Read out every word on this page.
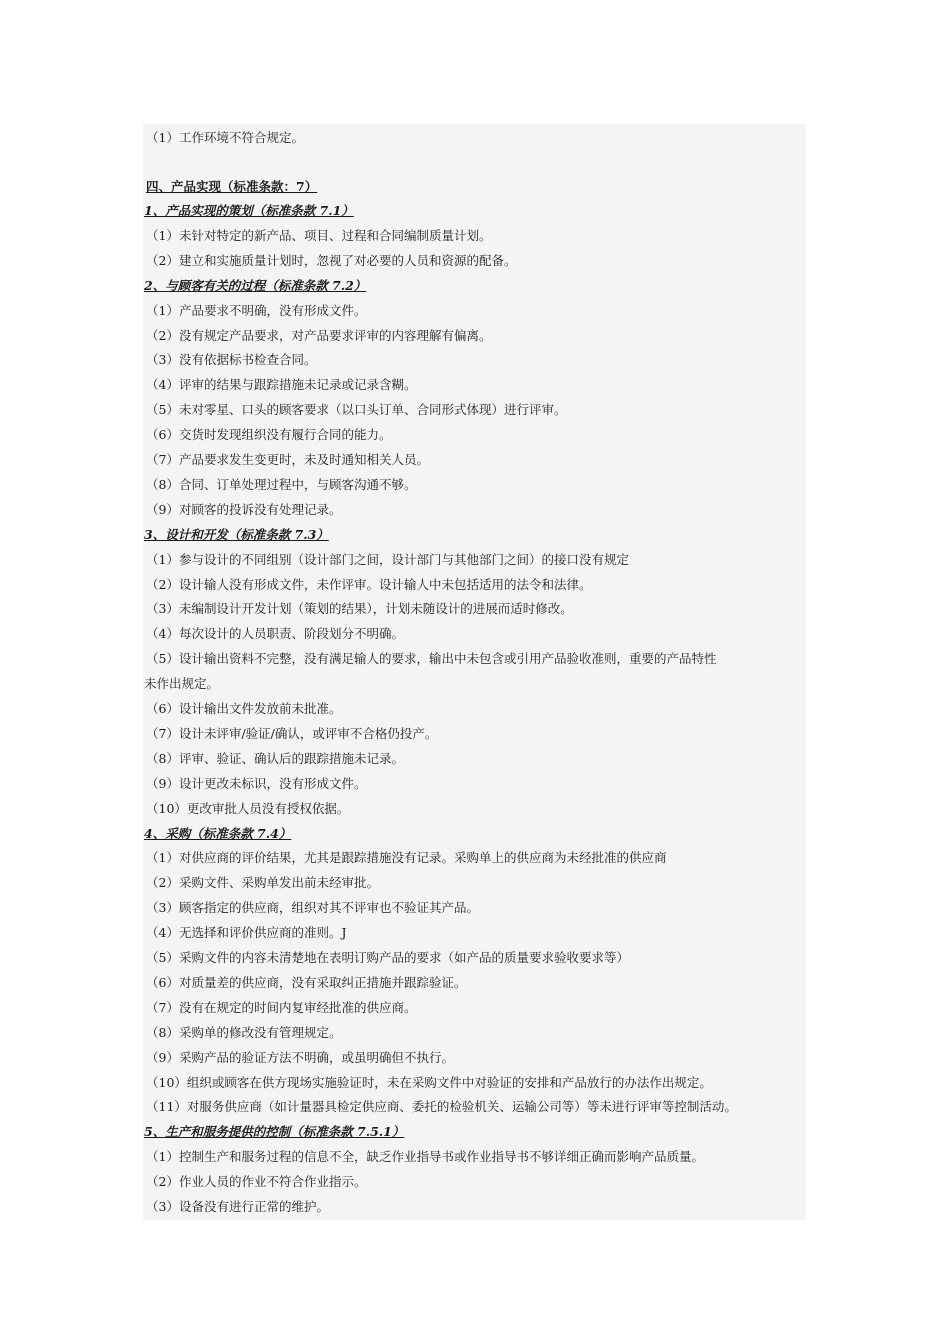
（1）工作环境不符合规定。
四、产品实现（标准条款：7）
1、产品实现的策划（标准条款 7.1）
（1）未针对特定的新产品、项目、过程和合同编制质量计划。
（2）建立和实施质量计划时，忽视了对必要的人员和资源的配备。
2、与顾客有关的过程（标准条款 7.2）
（1）产品要求不明确，没有形成文件。
（2）没有规定产品要求，对产品要求评审的内容理解有偏离。
（3）没有依据标书检查合同。
（4）评审的结果与跟踪措施未记录或记录含糊。
（5）未对零星、口头的顾客要求（以口头订单、合同形式体现）进行评审。
（6）交货时发现组织没有履行合同的能力。
（7）产品要求发生变更时，未及时通知相关人员。
（8）合同、订单处理过程中，与顾客沟通不够。
（9）对顾客的投诉没有处理记录。
3、设计和开发（标准条款 7.3）
（1）参与设计的不同组别（设计部门之间，设计部门与其他部门之间）的接口没有规定
（2）设计输人没有形成文件，未作评审。设计输人中未包括适用的法令和法律。
（3）未编制设计开发计划（策划的结果），计划未随设计的进展而适时修改。
（4）每次设计的人员职责、阶段划分不明确。
（5）设计输出资料不完整，没有满足输人的要求，输出中未包含或引用产品验收准则，重要的产品特性
未作出规定。
（6）设计输出文件发放前未批准。
（7）设计未评审/验证/确认，或评审不合格仍投产。
（8）评审、验证、确认后的跟踪措施未记录。
（9）设计更改未标识，没有形成文件。
（10）更改审批人员没有授权依据。
4、采购（标准条款 7.4）
（1）对供应商的评价结果，尤其是跟踪措施没有记录。采购单上的供应商为未经批准的供应商
（2）采购文件、采购单发出前未经审批。
（3）顾客指定的供应商，组织对其不评审也不验证其产品。
（4）无选择和评价供应商的准则。J
（5）采购文件的内容未清楚地在表明订购产品的要求（如产品的质量要求验收要求等）
（6）对质量差的供应商，没有采取纠正措施并跟踪验证。
（7）没有在规定的时间内复审经批准的供应商。
（8）采购单的修改没有管理规定。
（9）采购产品的验证方法不明确，或虽明确但不执行。
（10）组织或顾客在供方现场实施验证时，未在采购文件中对验证的安排和产品放行的办法作出规定。
（11）对服务供应商（如计量器具检定供应商、委托的检验机关、运输公司等）等未进行评审等控制活动。
5、生产和服务提供的控制（标准条款 7.5.1）
（1）控制生产和服务过程的信息不全，缺乏作业指导书或作业指导书不够详细正确而影响产品质量。
（2）作业人员的作业不符合作业指示。
（3）设备没有进行正常的维护。
